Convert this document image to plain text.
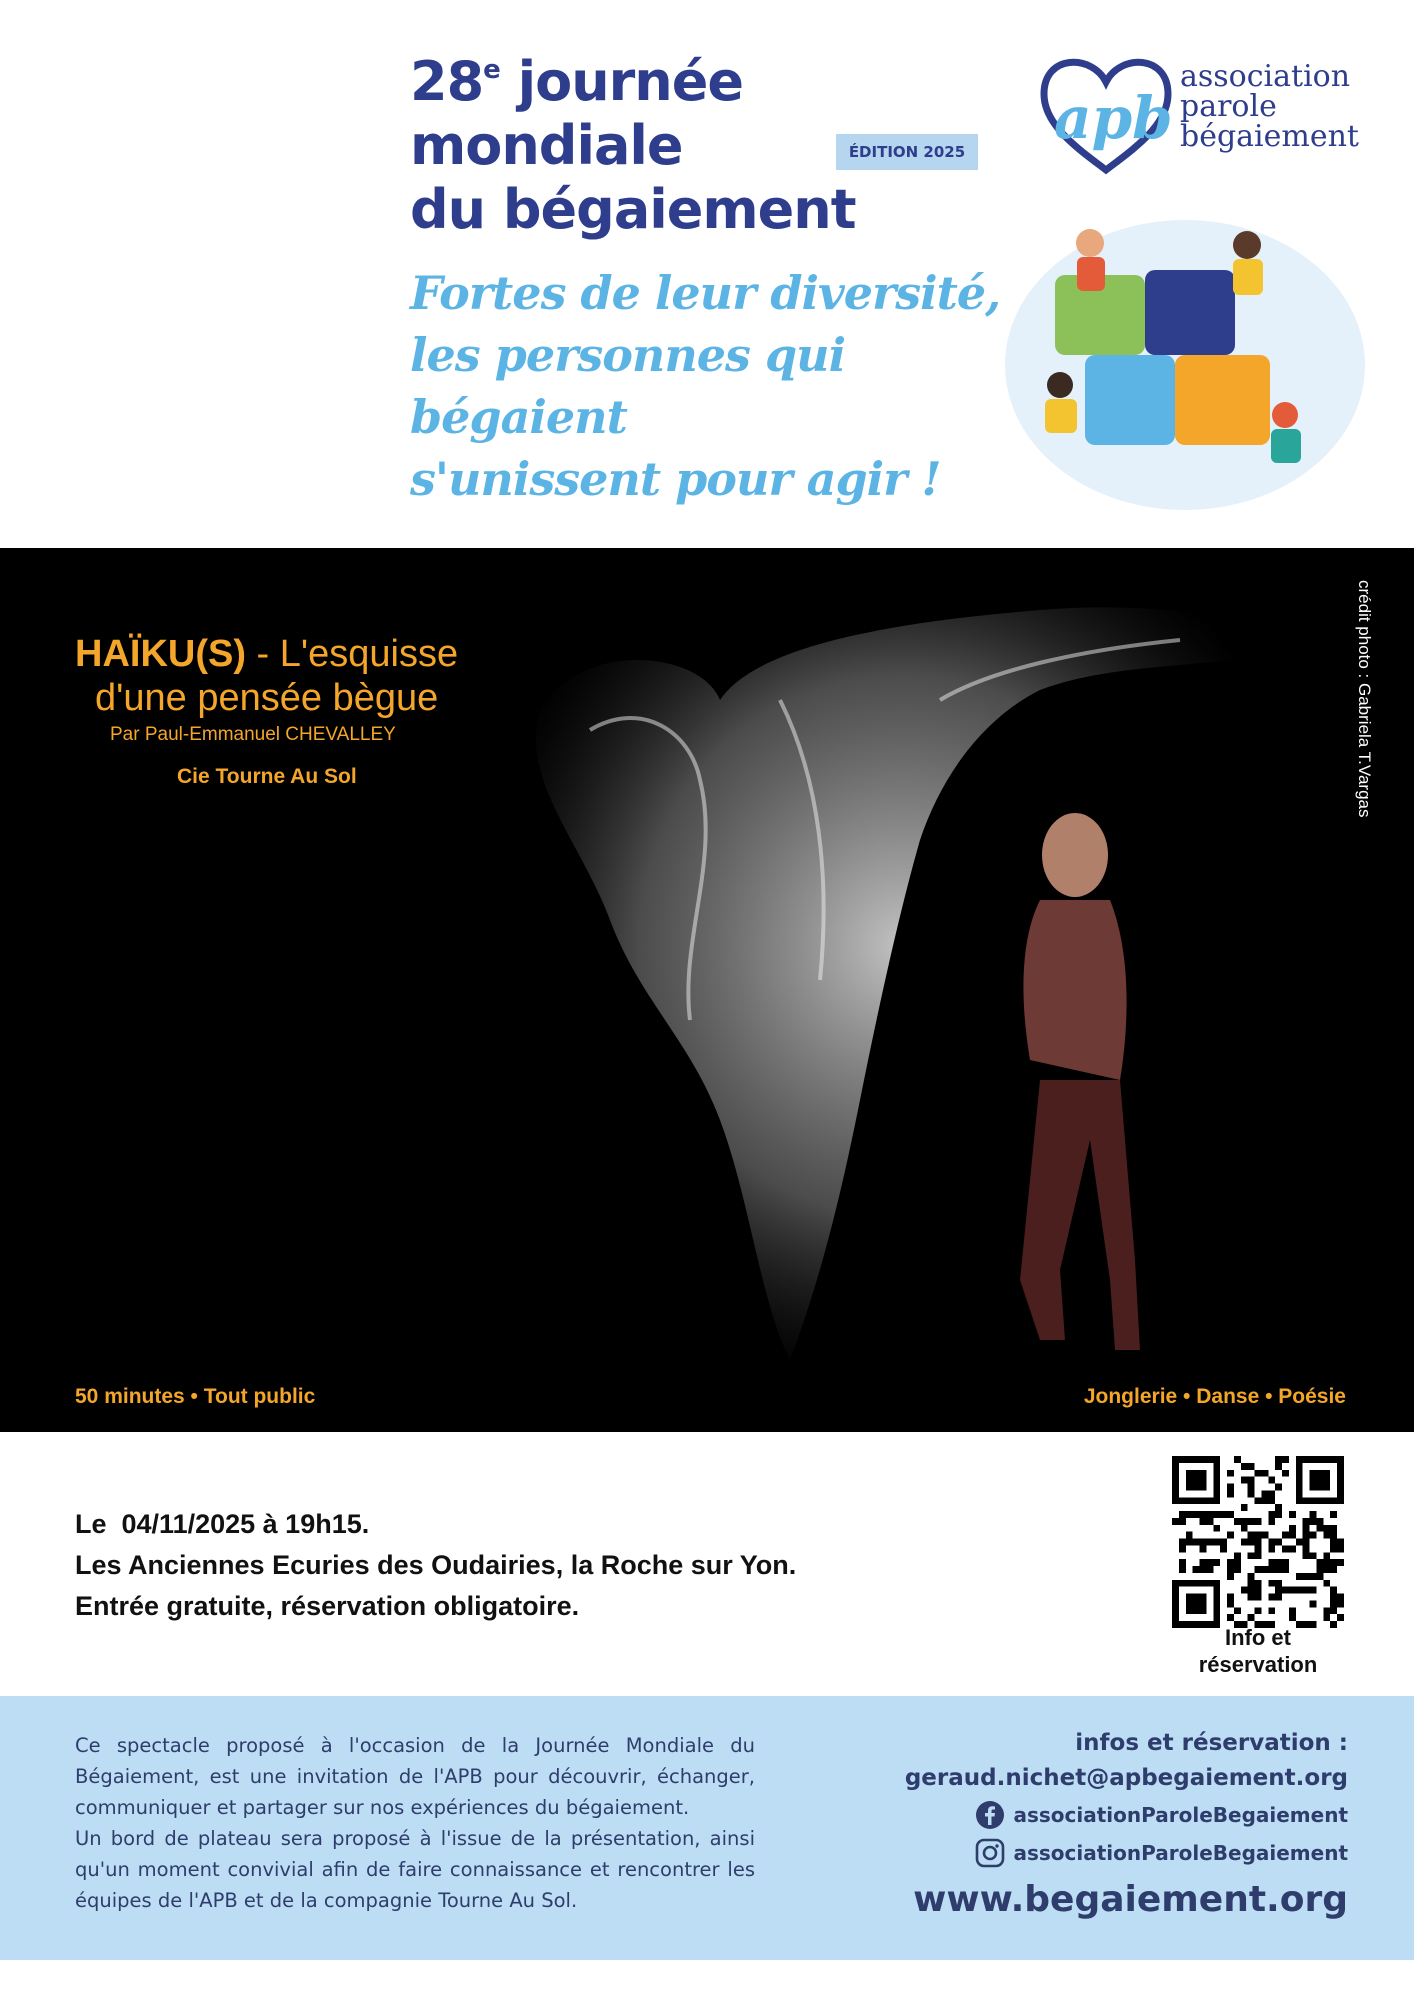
28e journée mondiale
du bégaiement
ÉDITION 2025 apb
association
parole
bégaiement
Fortes de leur diversité,
les personnes qui bégaient
s'unissent pour agir !
HAÏKU(S) - L'esquisse
d'une pensée bègue
Par Paul-Emmanuel CHEVALLEY
Cie Tourne Au Sol	crédit photo : Gabriela T.Vargas
50 minutes • Tout public	Jonglerie • Danse • Poésie
Le  04/11/2025 à 19h15.
Les Anciennes Ecuries des Oudairies, la Roche sur Yon.
Entrée gratuite, réservation obligatoire.
Info et
réservation

Ce spectacle proposé à l'occasion de la Journée Mondiale du Bégaiement, est une invitation de l'APB pour découvrir, échanger, communiquer et partager sur nos expériences du bégaiement.

Un bord de plateau sera proposé à l'issue de la présentation, ainsi qu'un moment convivial afin de faire connaissance et rencontrer les équipes de l'APB et de la compagnie Tourne Au Sol.

infos et réservation :
geraud.nichet@apbegaiement.org
associationParoleBegaiement
associationParoleBegaiement
www.begaiement.org
